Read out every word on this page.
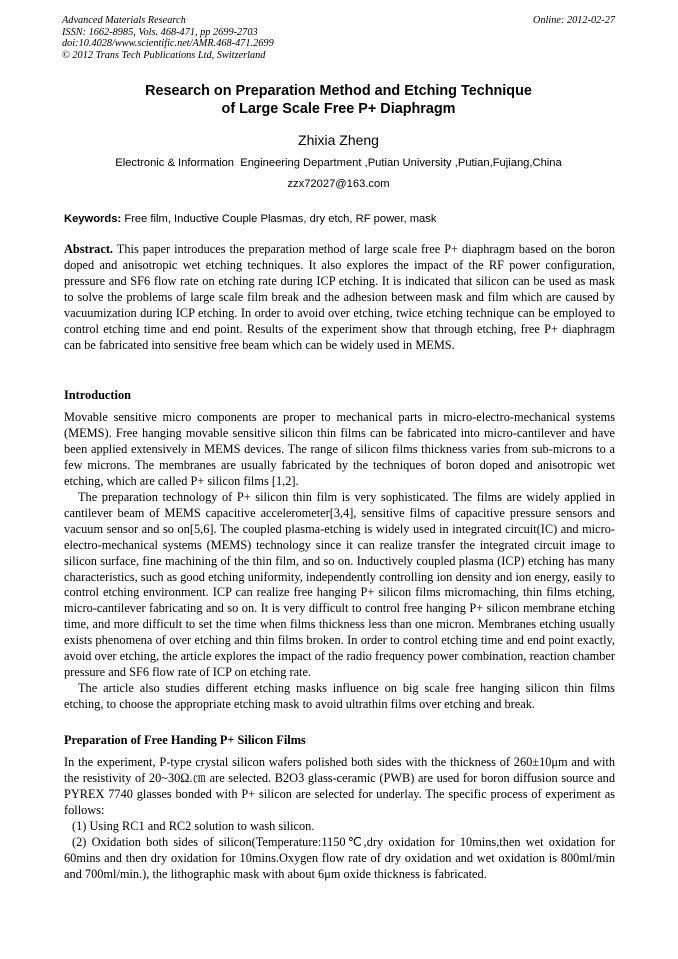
Advanced Materials Research
ISSN: 1662-8985, Vols. 468-471, pp 2699-2703
doi:10.4028/www.scientific.net/AMR.468-471.2699
© 2012 Trans Tech Publications Ltd, Switzerland
Online: 2012-02-27
Research on Preparation Method and Etching Technique
of Large Scale Free P+ Diaphragm
Zhixia Zheng
Electronic & Information  Engineering Department ,Putian University ,Putian,Fujiang,China
zzx72027@163.com
Keywords: Free film, Inductive Couple Plasmas, dry etch, RF power, mask

Abstract. This paper introduces the preparation method of large scale free P+ diaphragm based on the boron doped and anisotropic wet etching techniques. It also explores the impact of the RF power configuration, pressure and SF6 flow rate on etching rate during ICP etching. It is indicated that silicon can be used as mask to solve the problems of large scale film break and the adhesion between mask and film which are caused by vacuumization during ICP etching. In order to avoid over etching, twice etching technique can be employed to control etching time and end point. Results of the experiment show that through etching, free P+ diaphragm can be fabricated into sensitive free beam which can be widely used in MEMS.

Introduction

Movable sensitive micro components are proper to mechanical parts in micro-electro-mechanical systems (MEMS). Free hanging movable sensitive silicon thin films can be fabricated into micro-cantilever and have been applied extensively in MEMS devices. The range of silicon films thickness varies from sub-microns to a few microns. The membranes are usually fabricated by the techniques of boron doped and anisotropic wet etching, which are called P+ silicon films [1,2].

The preparation technology of P+ silicon thin film is very sophisticated. The films are widely applied in cantilever beam of MEMS capacitive accelerometer[3,4], sensitive films of capacitive pressure sensors and vacuum sensor and so on[5,6]. The coupled plasma-etching is widely used in integrated circuit(IC) and micro-electro-mechanical systems (MEMS) technology since it can realize transfer the integrated circuit image to silicon surface, fine machining of the thin film, and so on. Inductively coupled plasma (ICP) etching has many characteristics, such as good etching uniformity, independently controlling ion density and ion energy, easily to control etching environment. ICP can realize free hanging P+ silicon films micromaching, thin films etching, micro-cantilever fabricating and so on. It is very difficult to control free hanging P+ silicon membrane etching time, and more difficult to set the time when films thickness less than one micron. Membranes etching usually exists phenomena of over etching and thin films broken. In order to control etching time and end point exactly, avoid over etching, the article explores the impact of the radio frequency power combination, reaction chamber pressure and SF6 flow rate of ICP on etching rate.

The article also studies different etching masks influence on big scale free hanging silicon thin films etching, to choose the appropriate etching mask to avoid ultrathin films over etching and break.

Preparation of Free Handing P+ Silicon Films

In the experiment, P-type crystal silicon wafers polished both sides with the thickness of 260±10μm and with the resistivity of 20~30Ω.㎝ are selected. B2O3 glass-ceramic (PWB) are used for boron diffusion source and PYREX 7740 glasses bonded with P+ silicon are selected for underlay. The specific process of experiment as follows:

(1) Using RC1 and RC2 solution to wash silicon.

(2) Oxidation both sides of silicon(Temperature:1150℃,dry oxidation for 10mins,then wet oxidation for 60mins and then dry oxidation for 10mins.Oxygen flow rate of dry oxidation and wet oxidation is 800ml/min and 700ml/min.), the lithographic mask with about 6μm oxide thickness is fabricated.
